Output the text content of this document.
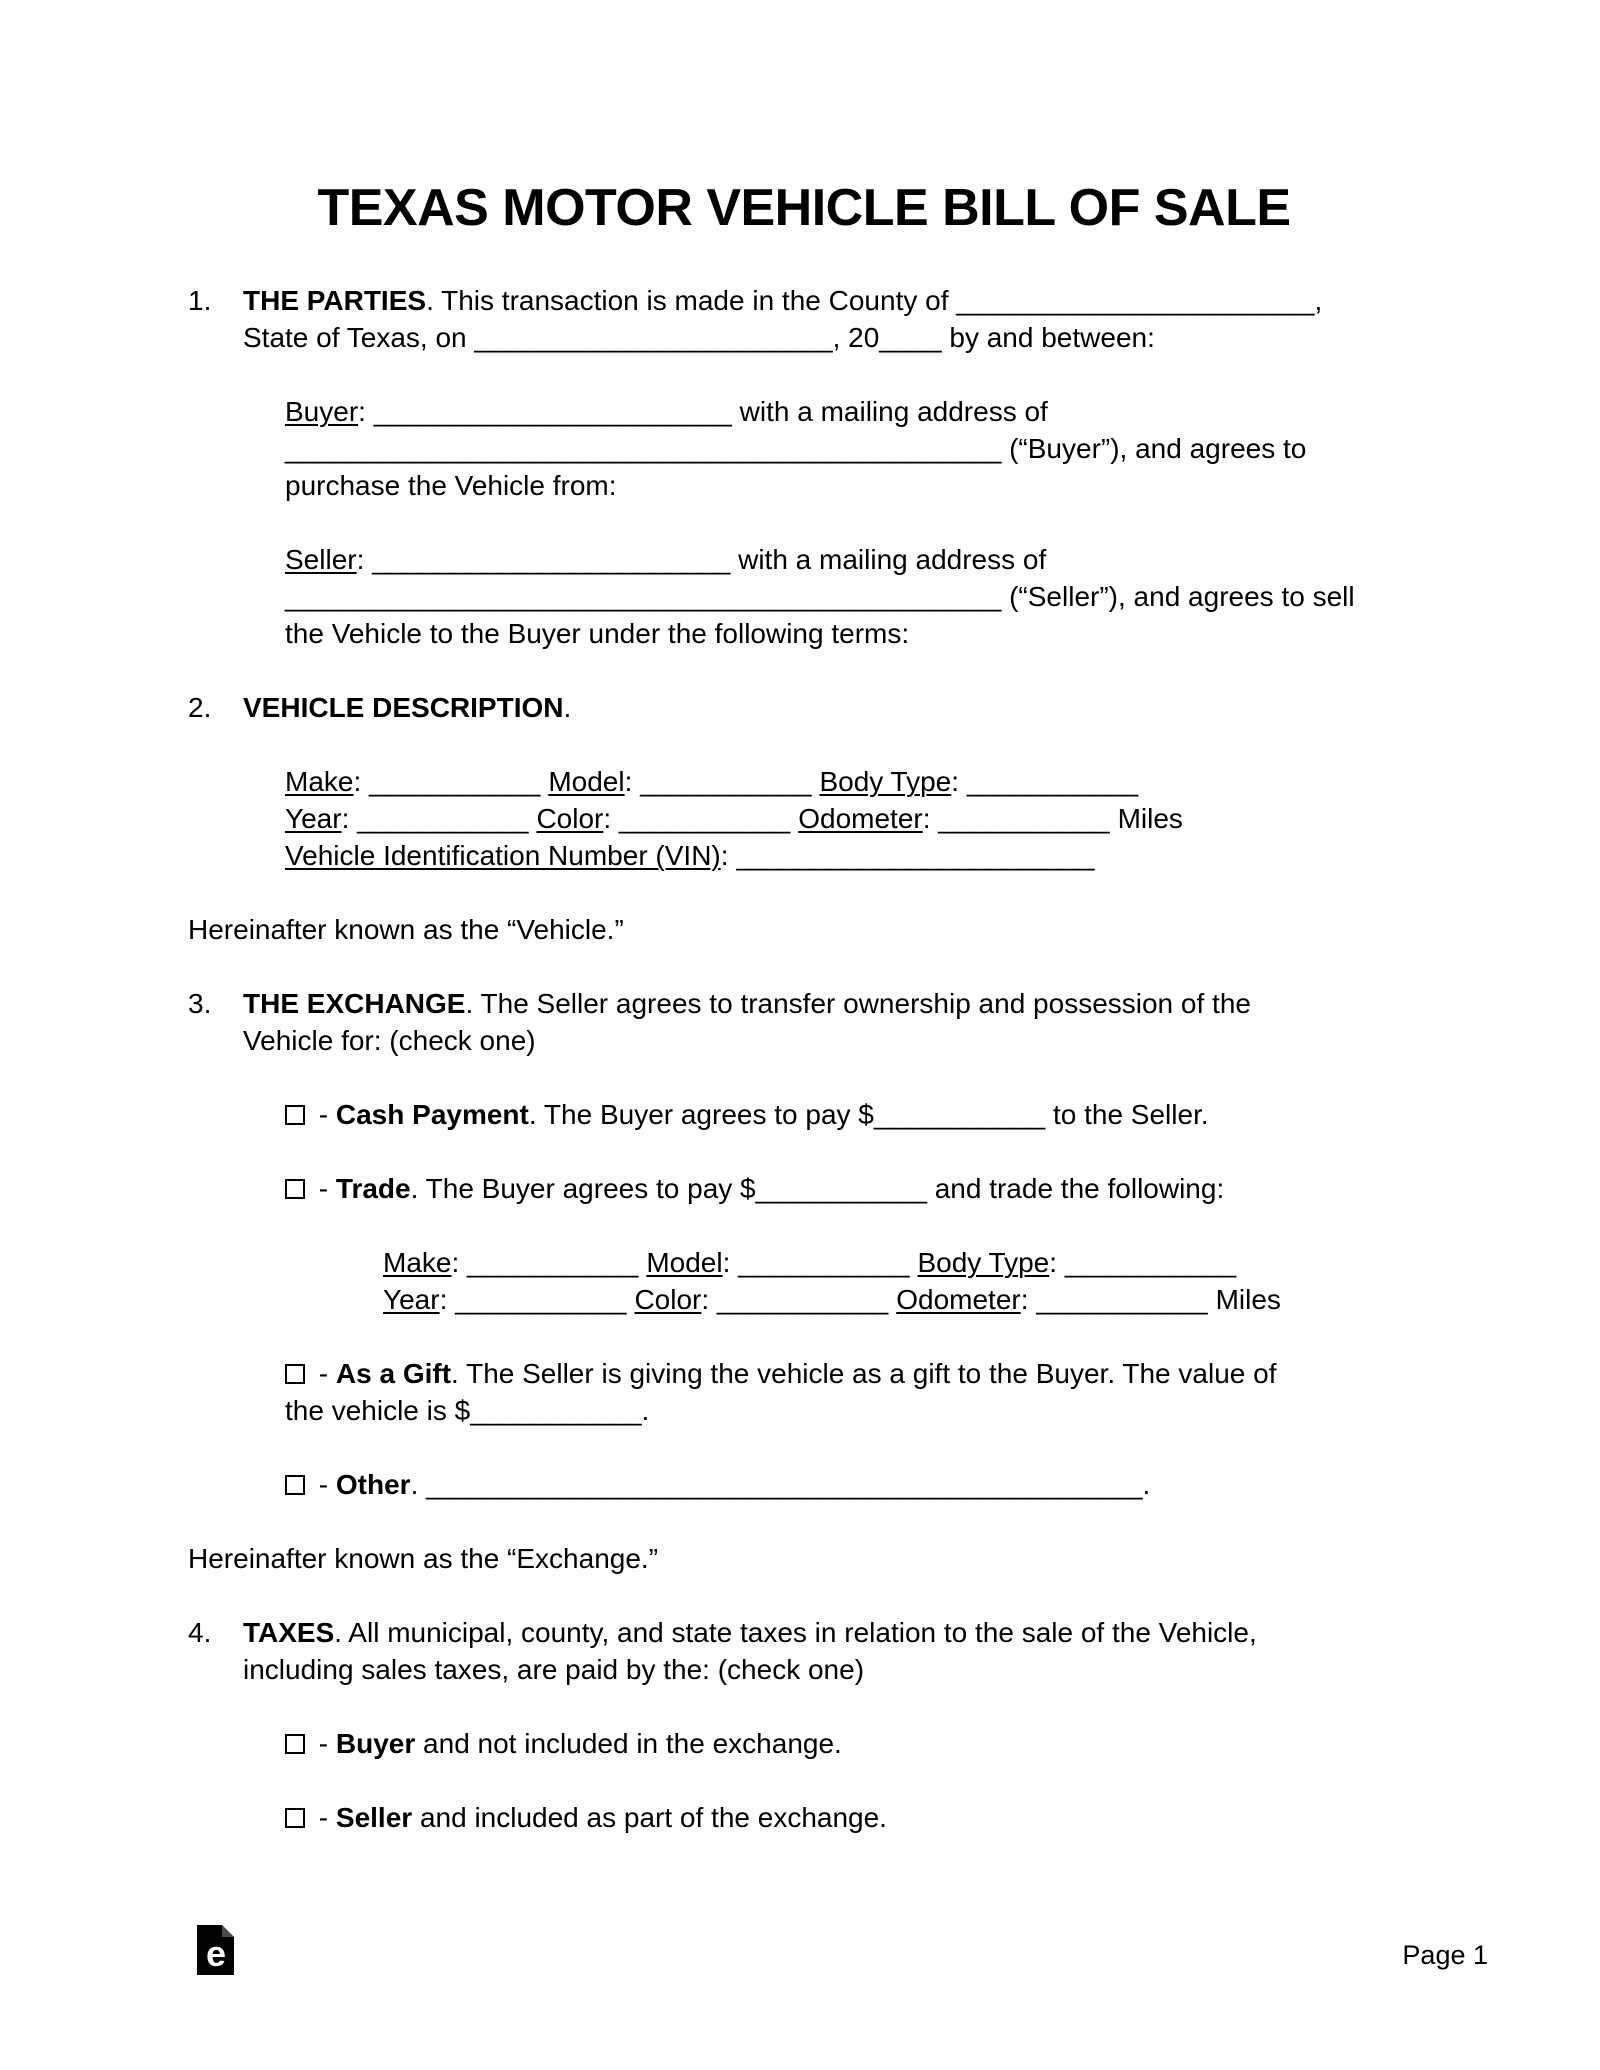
TEXAS MOTOR VEHICLE BILL OF SALE
1. THE PARTIES. This transaction is made in the County of _______________________,
State of Texas, on _______________________, 20____ by and between:
Buyer: _______________________ with a mailing address of
______________________________________________ (“Buyer”), and agrees to
purchase the Vehicle from:
Seller: _______________________ with a mailing address of
______________________________________________ (“Seller”), and agrees to sell
the Vehicle to the Buyer under the following terms:
2. VEHICLE DESCRIPTION.
Make: ___________ Model: ___________ Body Type: ___________
Year: ___________ Color: ___________ Odometer: ___________ Miles
Vehicle Identification Number (VIN): _______________________
Hereinafter known as the “Vehicle.”
3. THE EXCHANGE. The Seller agrees to transfer ownership and possession of the
Vehicle for: (check one)
- Cash Payment. The Buyer agrees to pay $___________ to the Seller.
- Trade. The Buyer agrees to pay $___________ and trade the following:
Make: ___________ Model: ___________ Body Type: ___________
Year: ___________ Color: ___________ Odometer: ___________ Miles
- As a Gift. The Seller is giving the vehicle as a gift to the Buyer. The value of
the vehicle is $___________.
- Other. ______________________________________________.
Hereinafter known as the “Exchange.”
4. TAXES. All municipal, county, and state taxes in relation to the sale of the Vehicle,
including sales taxes, are paid by the: (check one)
- Buyer and not included in the exchange.
- Seller and included as part of the exchange.
e	Page 1
